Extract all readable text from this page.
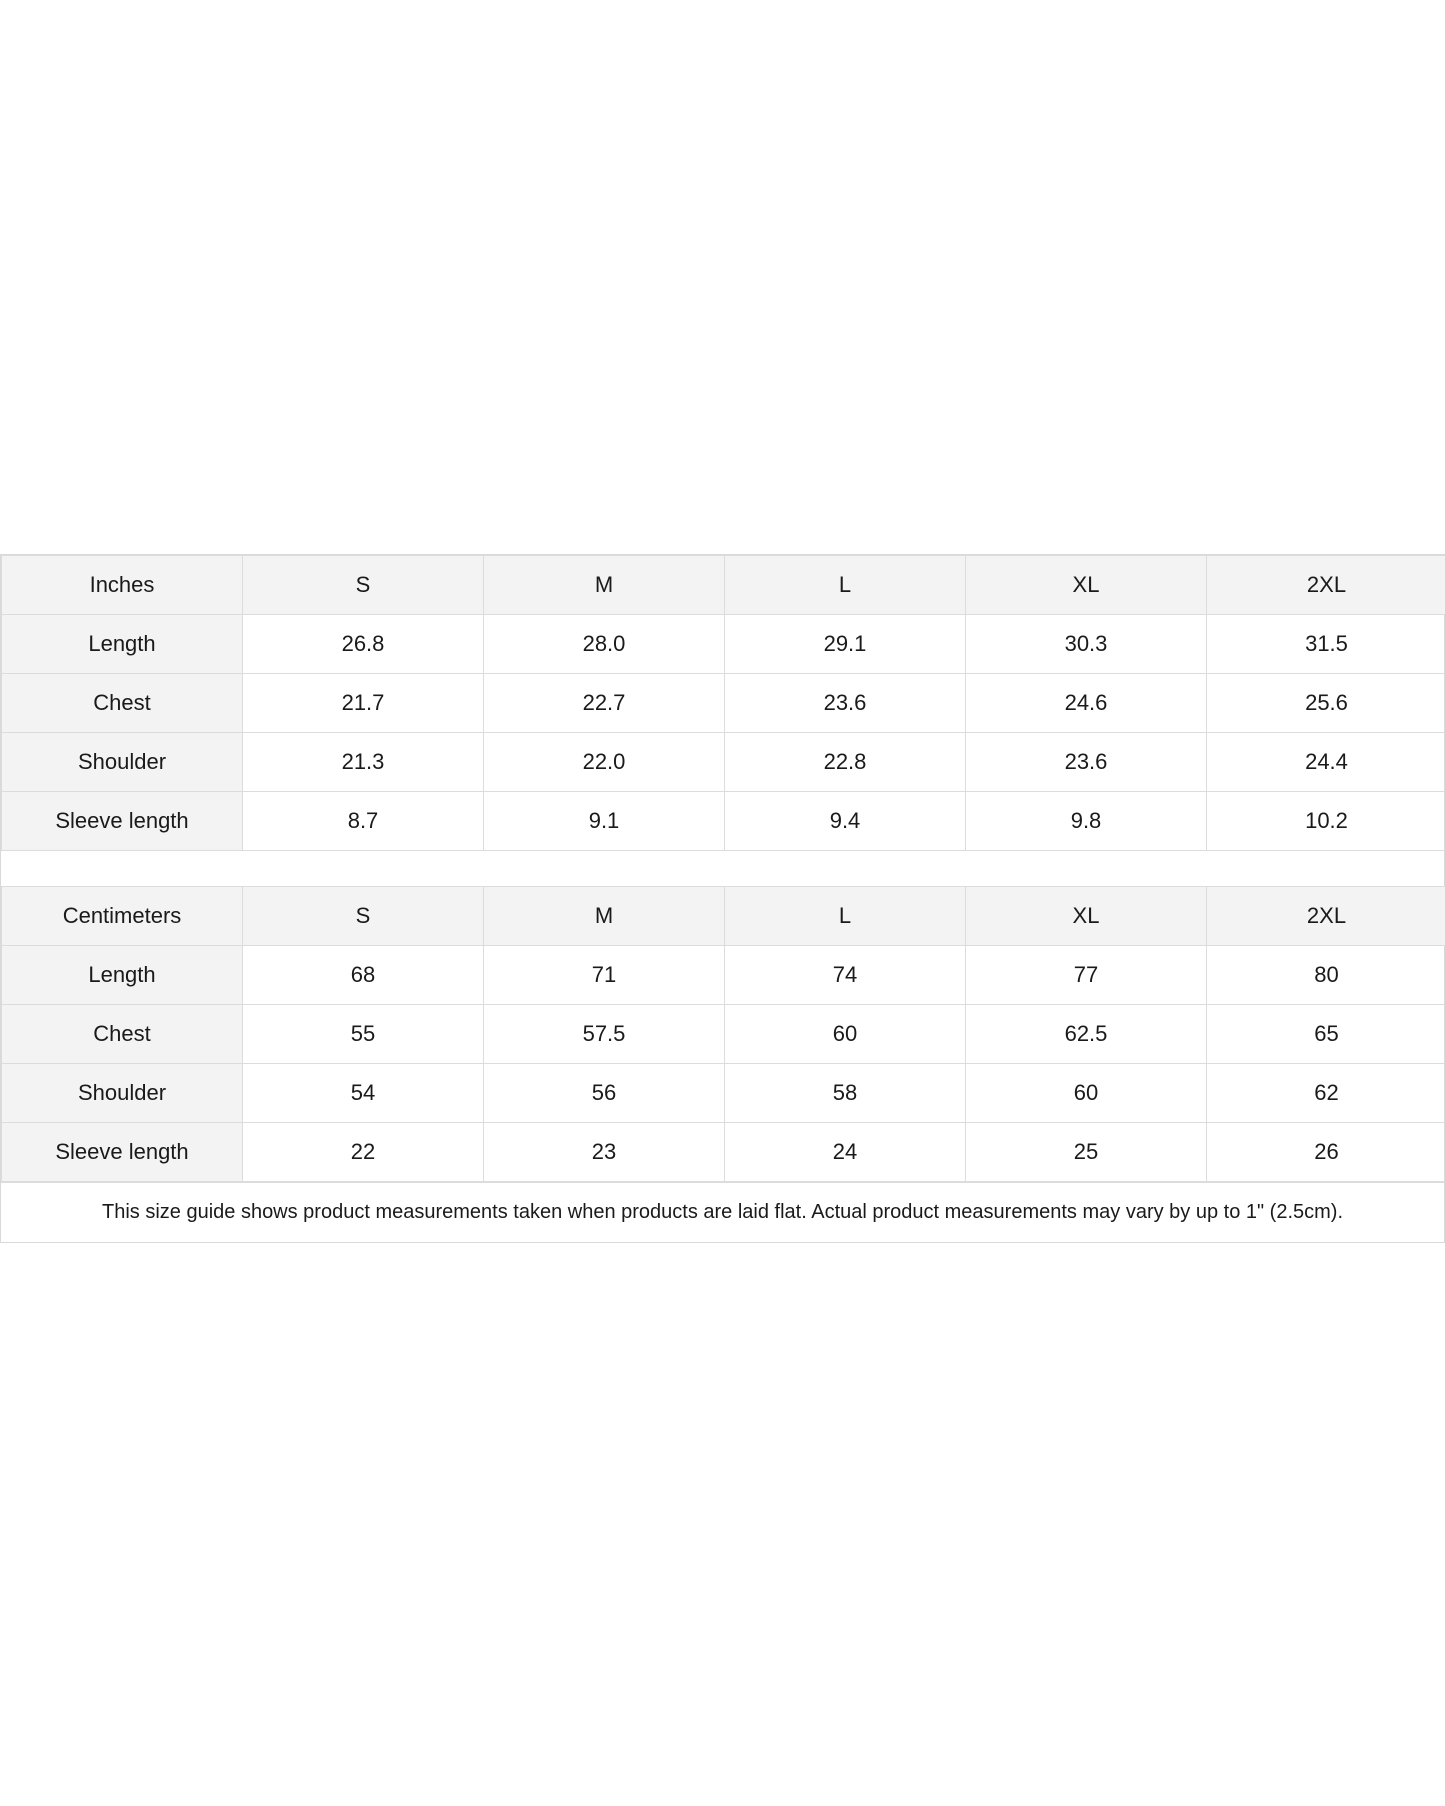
Inches	S	M	L	XL	2XL
Length	26.8	28.0	29.1	30.3	31.5
Chest	21.7	22.7	23.6	24.6	25.6
Shoulder	21.3	22.0	22.8	23.6	24.4
Sleeve length	8.7	9.1	9.4	9.8	10.2

Centimeters	S	M	L	XL	2XL
Length	68	71	74	77	80
Chest	55	57.5	60	62.5	65
Shoulder	54	56	58	60	62
Sleeve length	22	23	24	25	26
This size guide shows product measurements taken when products are laid flat. Actual product measurements may vary by up to 1" (2.5cm).
